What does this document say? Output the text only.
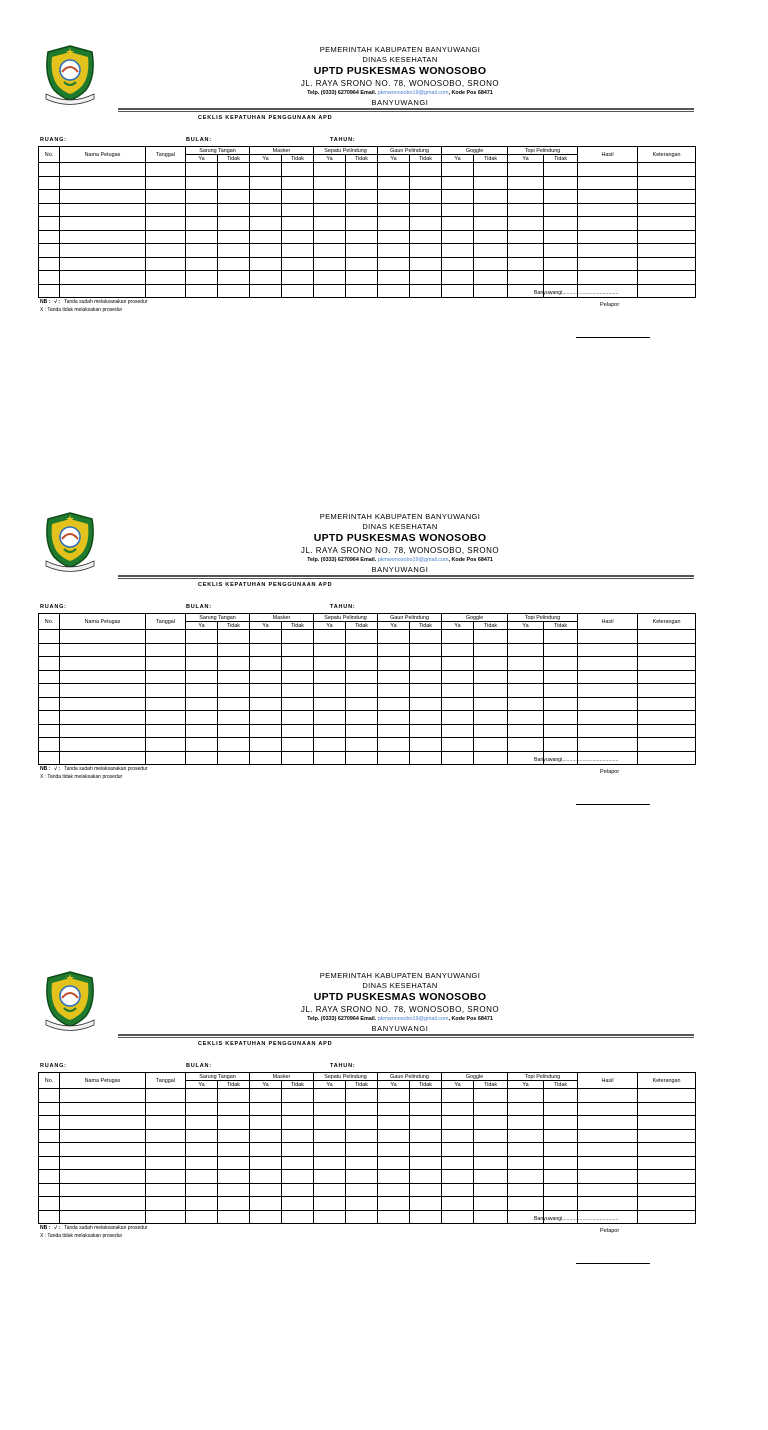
PEMERINTAH KABUPATEN BANYUWANGI
DINAS KESEHATAN
UPTD PUSKESMAS WONOSOBO
JL. RAYA SRONO NO. 78, WONOSOBO, SRONO
Telp. (0333) 6270964 Email. pkmwonosobo19@gmail.com, Kode Pos 68471
BANYUWANGI
CEKLIS KEPATUHAN PENGGUNAAN APD
RUANG:	BULAN:	TAHUN:
No.	Nama Petugas	Tanggal	Sarung Tangan		Masker		Sepatu Pelindung		Gaun Pelindung		Goggle		Topi Pelindung		Hasil	Keterangan
			Ya	Tidak	Ya	Tidak	Ya	Tidak	Ya	Tidak	Ya	Tidak	Ya	Tidak		

NB : √ : Tanda sudah melaksanakan prosedur
X : Tanda tidak melaksakan prosedur
Banyuwangi,......................................
Pelapor
PEMERINTAH KABUPATEN BANYUWANGI
DINAS KESEHATAN
UPTD PUSKESMAS WONOSOBO
JL. RAYA SRONO NO. 78, WONOSOBO, SRONO
Telp. (0333) 6270964 Email. pkmwonosobo19@gmail.com, Kode Pos 68471
BANYUWANGI
CEKLIS KEPATUHAN PENGGUNAAN APD
RUANG:	BULAN:	TAHUN:
No.	Nama Petugas	Tanggal	Sarung Tangan		Masker		Sepatu Pelindung		Gaun Pelindung		Goggle		Topi Pelindung		Hasil	Keterangan
			Ya	Tidak	Ya	Tidak	Ya	Tidak	Ya	Tidak	Ya	Tidak	Ya	Tidak		

NB : √ : Tanda sudah melaksanakan prosedur
X : Tanda tidak melaksakan prosedur
Banyuwangi,......................................
Pelapor
PEMERINTAH KABUPATEN BANYUWANGI
DINAS KESEHATAN
UPTD PUSKESMAS WONOSOBO
JL. RAYA SRONO NO. 78, WONOSOBO, SRONO
Telp. (0333) 6270964 Email. pkmwonosobo19@gmail.com, Kode Pos 68471
BANYUWANGI
CEKLIS KEPATUHAN PENGGUNAAN APD
RUANG:	BULAN:	TAHUN:
No.	Nama Petugas	Tanggal	Sarung Tangan		Masker		Sepatu Pelindung		Gaun Pelindung		Goggle		Topi Pelindung		Hasil	Keterangan
			Ya	Tidak	Ya	Tidak	Ya	Tidak	Ya	Tidak	Ya	Tidak	Ya	Tidak		

NB : √ : Tanda sudah melaksanakan prosedur
X : Tanda tidak melaksakan prosedur
Banyuwangi,......................................
Pelapor
